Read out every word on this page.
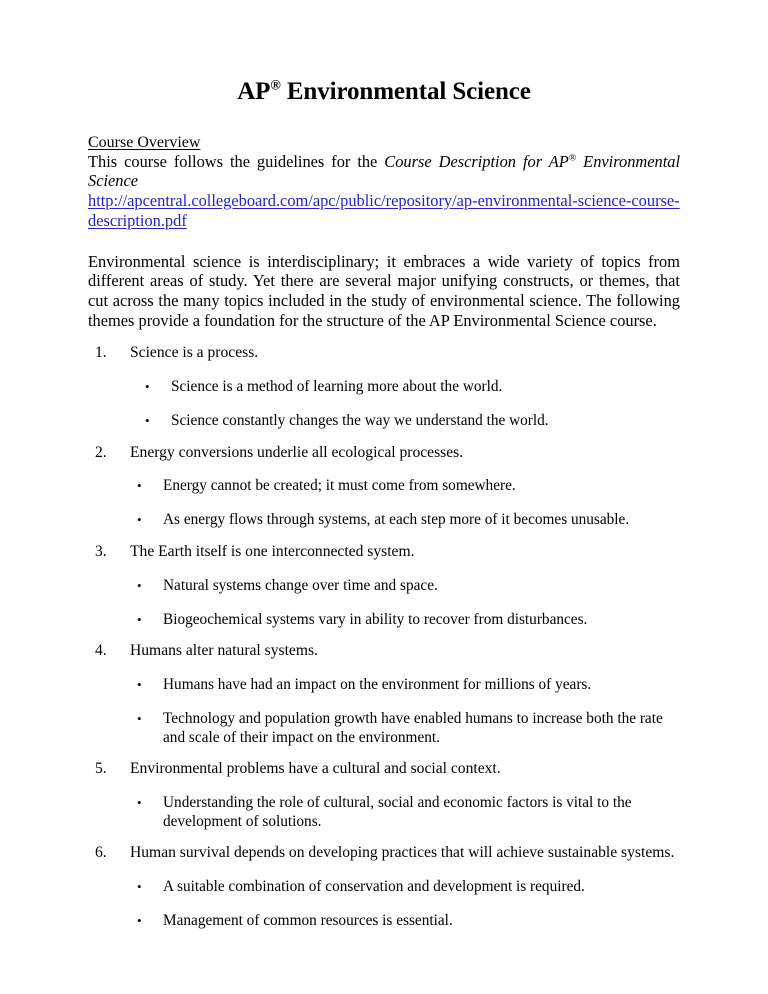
AP® Environmental Science
Course Overview
This course follows the guidelines for the Course Description for AP® Environmental Science
http://apcentral.collegeboard.com/apc/public/repository/ap-environmental-science-course-
description.pdf
Environmental science is interdisciplinary; it embraces a wide variety of topics from different areas of study. Yet there are several major unifying constructs, or themes, that cut across the many topics included in the study of environmental science. The following themes provide a foundation for the structure of the AP Environmental Science course.
1.	Science is a process.
•	Science is a method of learning more about the world.
•	Science constantly changes the way we understand the world.
2.	Energy conversions underlie all ecological processes.
•	Energy cannot be created; it must come from somewhere.
•	As energy flows through systems, at each step more of it becomes unusable.
3.	The Earth itself is one interconnected system.
•	Natural systems change over time and space.
•	Biogeochemical systems vary in ability to recover from disturbances.
4.	Humans alter natural systems.
•	Humans have had an impact on the environment for millions of years.
•	Technology and population growth have enabled humans to increase both the rate and scale of their impact on the environment.
5.	Environmental problems have a cultural and social context.
•	Understanding the role of cultural, social and economic factors is vital to the development of solutions.
6.	Human survival depends on developing practices that will achieve sustainable systems.
•	A suitable combination of conservation and development is required.
•	Management of common resources is essential.
